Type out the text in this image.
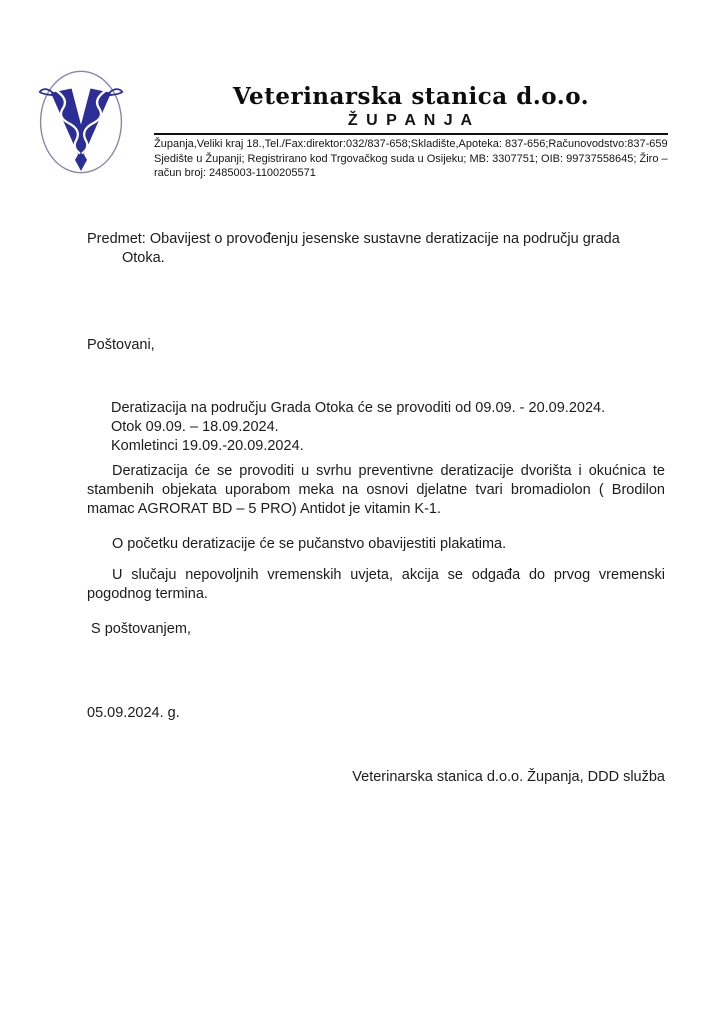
Veterinarska stanica d.o.o.
Ž U P A N J A
Županja,Veliki kraj 18.,Tel./Fax:direktor:032/837-658;Skladište,Apoteka: 837-656;Računovodstvo:837-659 Sjedište u Županji; Registrirano kod Trgovačkog suda u Osijeku; MB: 3307751; OIB: 99737558645; Žiro – račun broj: 2485003-1100205571
Predmet: Obavijest o provođenju jesenske sustavne deratizacije na području grada
Otoka.
Poštovani,
Deratizacija na području Grada Otoka će se provoditi od 09.09. - 20.09.2024.
Otok 09.09. – 18.09.2024.
Komletinci 19.09.-20.09.2024.
Deratizacija će se provoditi u svrhu preventivne deratizacije dvorišta i okućnica te stambenih objekata uporabom meka na osnovi djelatne tvari bromadiolon ( Brodilon mamac AGRORAT BD – 5 PRO) Antidot je vitamin K-1.
O početku deratizacije će se pučanstvo obavijestiti plakatima.
U slučaju nepovoljnih vremenskih uvjeta, akcija se odgađa do prvog vremenski pogodnog termina.
S poštovanjem,
05.09.2024. g.
Veterinarska stanica d.o.o. Županja, DDD služba
